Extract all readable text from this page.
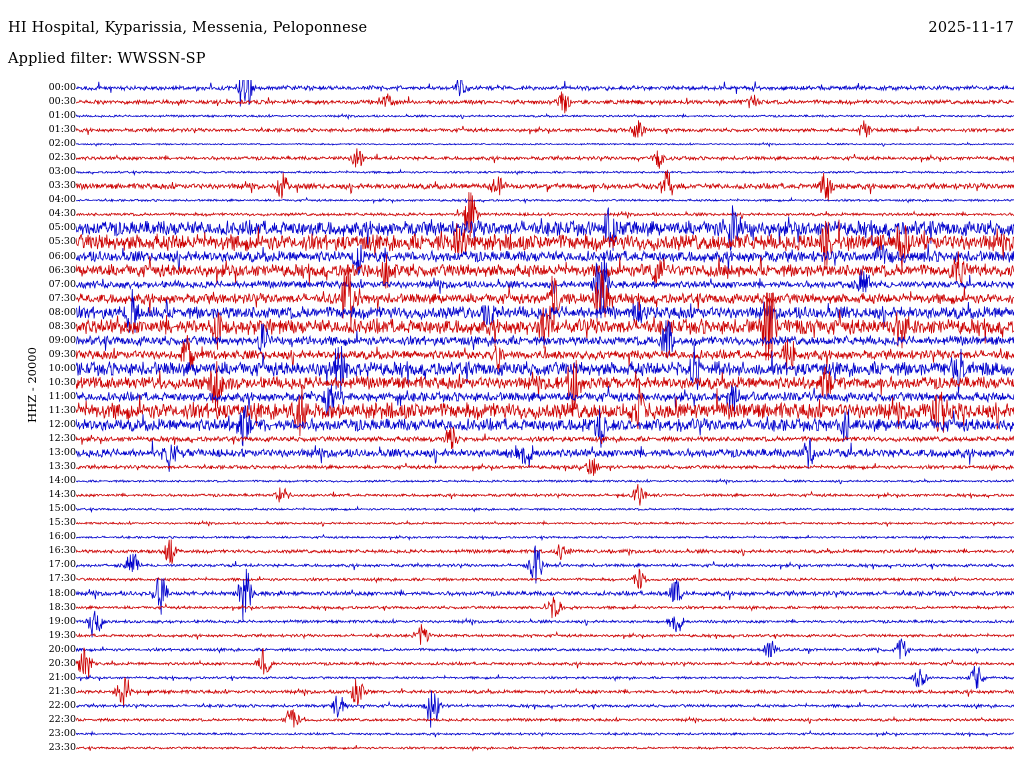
HI Hospital, Kyparissia, Messenia, Peloponnese	2025-11-17
Applied filter: WWSSN-SP
HHZ - 20000
00:00
00:30
01:00
01:30
02:00
02:30
03:00
03:30
04:00
04:30
05:00
05:30
06:00
06:30
07:00
07:30
08:00
08:30
09:00
09:30
10:00
10:30
11:00
11:30
12:00
12:30
13:00
13:30
14:00
14:30
15:00
15:30
16:00
16:30
17:00
17:30
18:00
18:30
19:00
19:30
20:00
20:30
21:00
21:30
22:00
22:30
23:00
23:30
